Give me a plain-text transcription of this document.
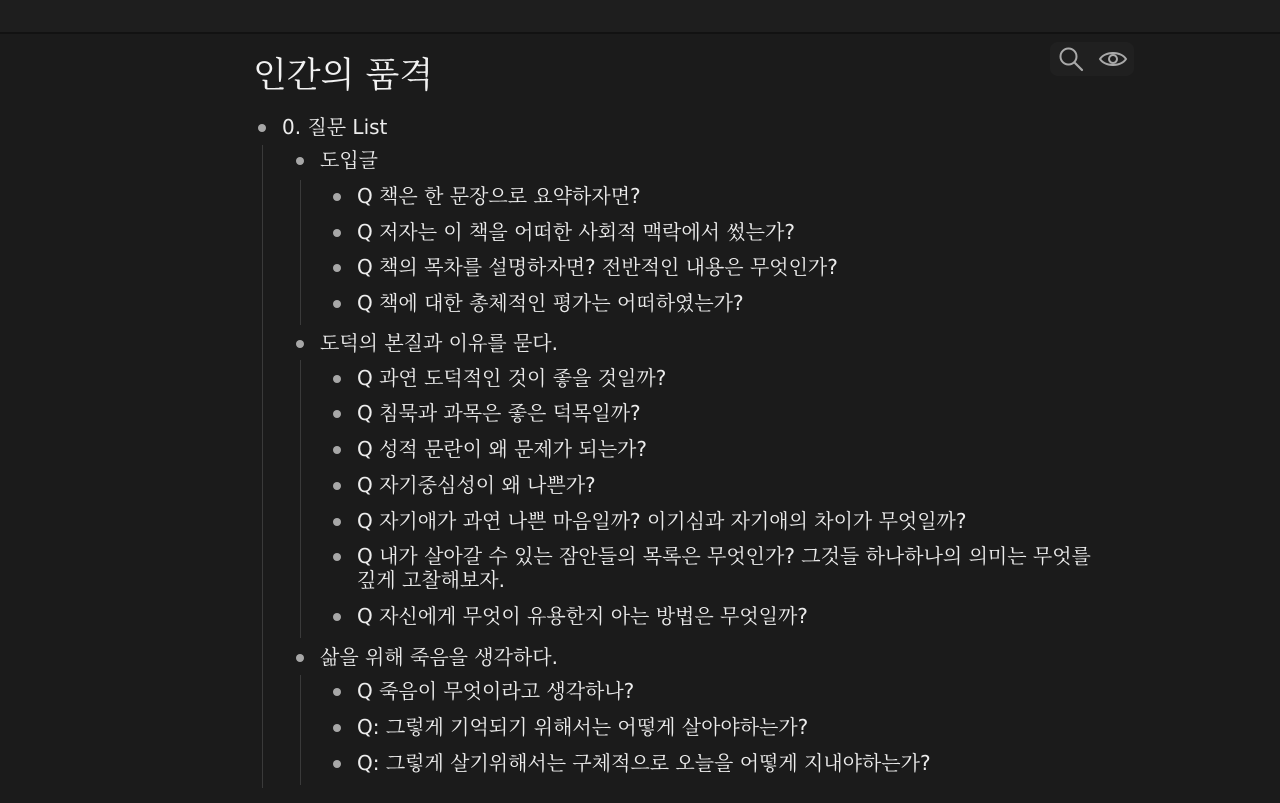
인간의 품격
0. 질문 List
도입글
Q 책은 한 문장으로 요약하자면?
Q 저자는 이 책을 어떠한 사회적 맥락에서 썼는가?
Q 책의 목차를 설명하자면? 전반적인 내용은 무엇인가?
Q 책에 대한 총체적인 평가는 어떠하였는가?
도덕의 본질과 이유를 묻다.
Q 과연 도덕적인 것이 좋을 것일까?
Q 침묵과 과목은 좋은 덕목일까?
Q 성적 문란이 왜 문제가 되는가?
Q 자기중심성이 왜 나쁜가?
Q 자기애가 과연 나쁜 마음일까? 이기심과 자기애의 차이가 무엇일까?
Q 내가 살아갈 수 있는 잠안들의 목록은 무엇인가? 그것들 하나하나의 의미는 무엇를 깊게 고찰해보자.
Q 자신에게 무엇이 유용한지 아는 방법은 무엇일까?
삶을 위해 죽음을 생각하다.
Q 죽음이 무엇이라고 생각하나?
Q: 그렇게 기억되기 위해서는 어떻게 살아야하는가?
Q: 그렇게 살기위해서는 구체적으로 오늘을 어떻게 지내야하는가?
